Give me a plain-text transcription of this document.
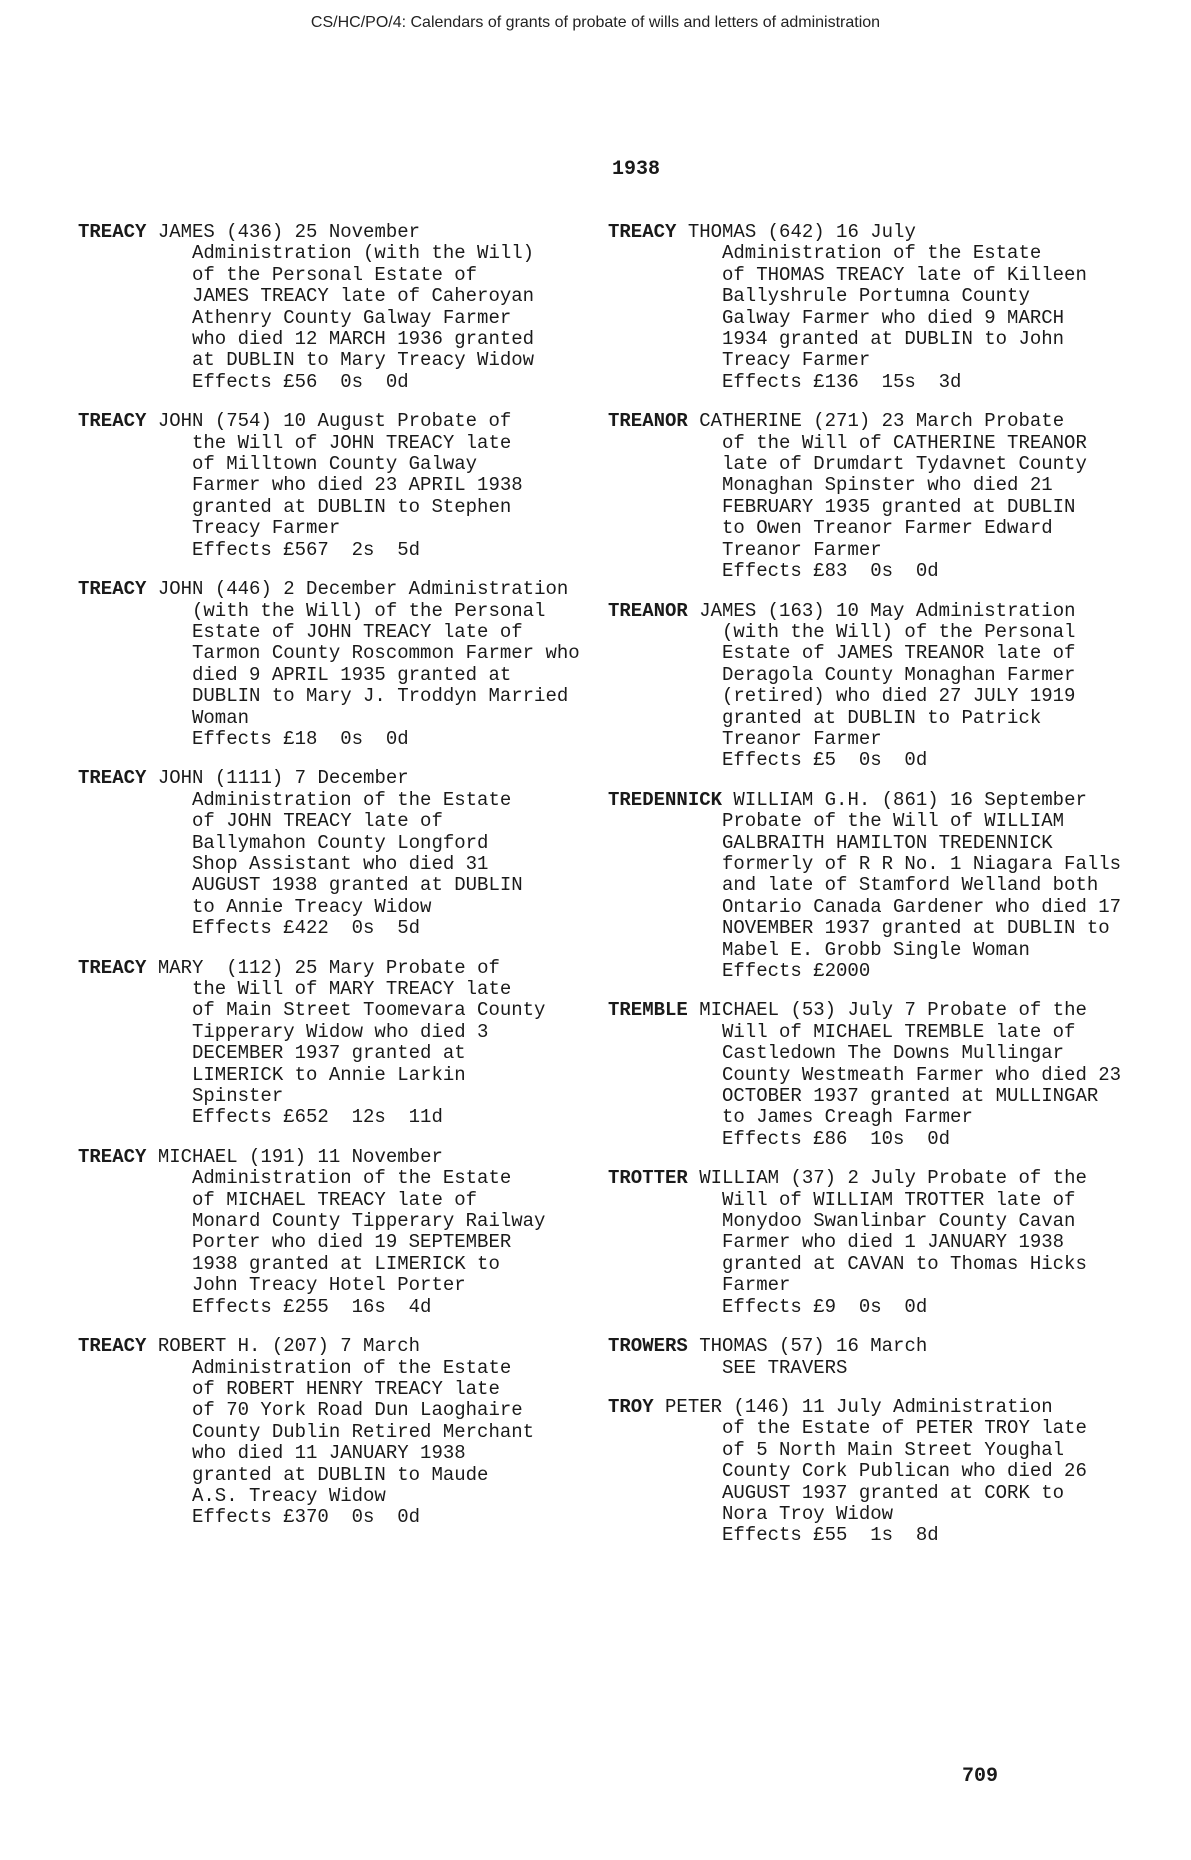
CS/HC/PO/4: Calendars of grants of probate of wills and letters of administration
1938
TREACY JAMES (436) 25 November
Administration (with the Will)
of the Personal Estate of
JAMES TREACY late of Caheroyan
Athenry County Galway Farmer
who died 12 MARCH 1936 granted
at DUBLIN to Mary Treacy Widow
Effects £56  0s  0d
TREACY JOHN (754) 10 August Probate of
the Will of JOHN TREACY late
of Milltown County Galway
Farmer who died 23 APRIL 1938
granted at DUBLIN to Stephen
Treacy Farmer
Effects £567  2s  5d
TREACY JOHN (446) 2 December Administration
(with the Will) of the Personal
Estate of JOHN TREACY late of
Tarmon County Roscommon Farmer who
died 9 APRIL 1935 granted at
DUBLIN to Mary J. Troddyn Married
Woman
Effects £18  0s  0d
TREACY JOHN (1111) 7 December
Administration of the Estate
of JOHN TREACY late of
Ballymahon County Longford
Shop Assistant who died 31
AUGUST 1938 granted at DUBLIN
to Annie Treacy Widow
Effects £422  0s  5d
TREACY MARY  (112) 25 Mary Probate of
the Will of MARY TREACY late
of Main Street Toomevara County
Tipperary Widow who died 3
DECEMBER 1937 granted at
LIMERICK to Annie Larkin
Spinster
Effects £652  12s  11d
TREACY MICHAEL (191) 11 November
Administration of the Estate
of MICHAEL TREACY late of
Monard County Tipperary Railway
Porter who died 19 SEPTEMBER
1938 granted at LIMERICK to
John Treacy Hotel Porter
Effects £255  16s  4d
TREACY ROBERT H. (207) 7 March
Administration of the Estate
of ROBERT HENRY TREACY late
of 70 York Road Dun Laoghaire
County Dublin Retired Merchant
who died 11 JANUARY 1938
granted at DUBLIN to Maude
A.S. Treacy Widow
Effects £370  0s  0d
TREACY THOMAS (642) 16 July
Administration of the Estate
of THOMAS TREACY late of Killeen
Ballyshrule Portumna County
Galway Farmer who died 9 MARCH
1934 granted at DUBLIN to John
Treacy Farmer
Effects £136  15s  3d
TREANOR CATHERINE (271) 23 March Probate
of the Will of CATHERINE TREANOR
late of Drumdart Tydavnet County
Monaghan Spinster who died 21
FEBRUARY 1935 granted at DUBLIN
to Owen Treanor Farmer Edward
Treanor Farmer
Effects £83  0s  0d
TREANOR JAMES (163) 10 May Administration
(with the Will) of the Personal
Estate of JAMES TREANOR late of
Deragola County Monaghan Farmer
(retired) who died 27 JULY 1919
granted at DUBLIN to Patrick
Treanor Farmer
Effects £5  0s  0d
TREDENNICK WILLIAM G.H. (861) 16 September
Probate of the Will of WILLIAM
GALBRAITH HAMILTON TREDENNICK
formerly of R R No. 1 Niagara Falls
and late of Stamford Welland both
Ontario Canada Gardener who died 17
NOVEMBER 1937 granted at DUBLIN to
Mabel E. Grobb Single Woman
Effects £2000
TREMBLE MICHAEL (53) July 7 Probate of the
Will of MICHAEL TREMBLE late of
Castledown The Downs Mullingar
County Westmeath Farmer who died 23
OCTOBER 1937 granted at MULLINGAR
to James Creagh Farmer
Effects £86  10s  0d
TROTTER WILLIAM (37) 2 July Probate of the
Will of WILLIAM TROTTER late of
Monydoo Swanlinbar County Cavan
Farmer who died 1 JANUARY 1938
granted at CAVAN to Thomas Hicks
Farmer
Effects £9  0s  0d
TROWERS THOMAS (57) 16 March
SEE TRAVERS
TROY PETER (146) 11 July Administration
of the Estate of PETER TROY late
of 5 North Main Street Youghal
County Cork Publican who died 26
AUGUST 1937 granted at CORK to
Nora Troy Widow
Effects £55  1s  8d
709
